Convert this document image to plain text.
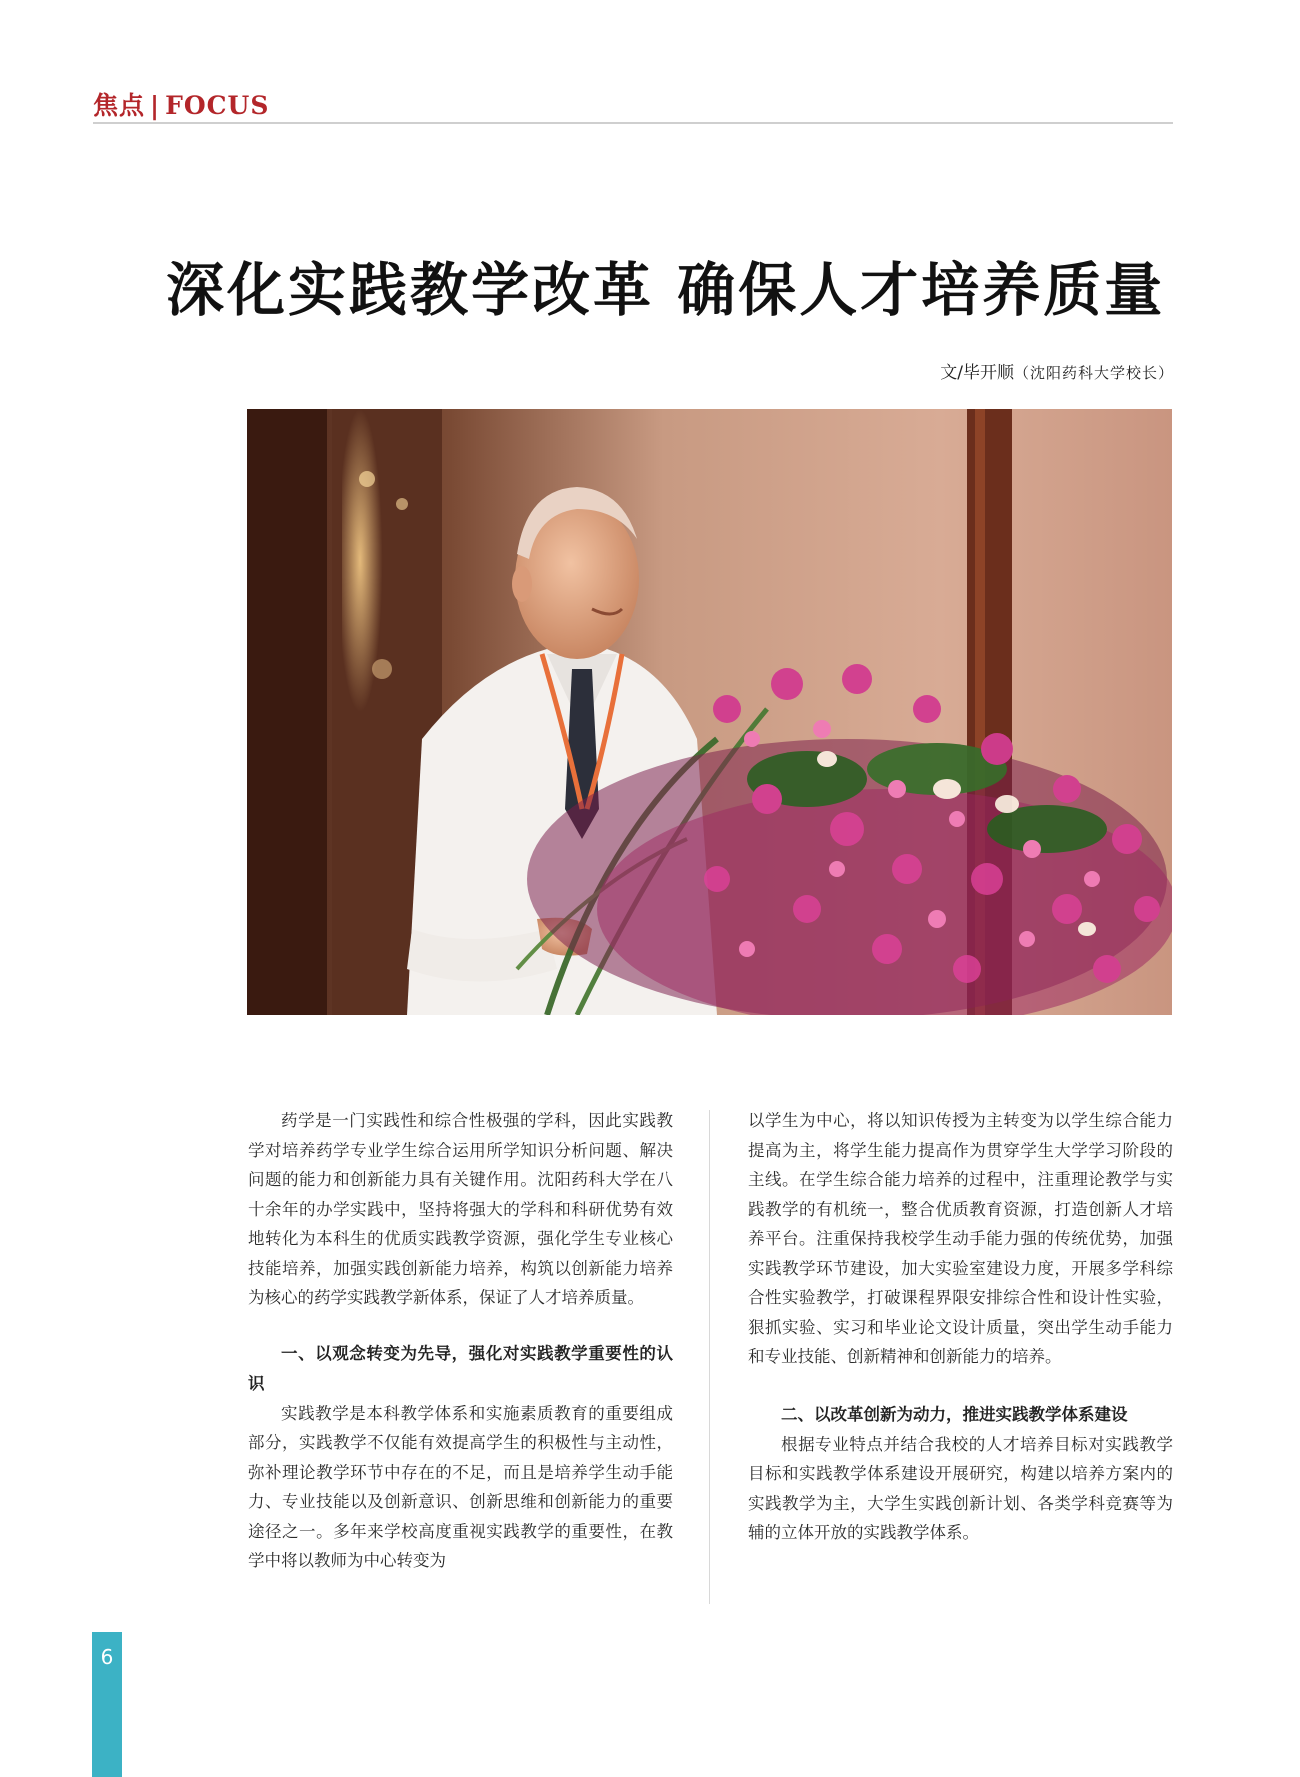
焦点 | FOCUS
深化实践教学改革 确保人才培养质量
文/毕开顺（沈阳药科大学校长）

药学是一门实践性和综合性极强的学科，因此实践教学对培养药学专业学生综合运用所学知识分析问题、解决问题的能力和创新能力具有关键作用。沈阳药科大学在八十余年的办学实践中，坚持将强大的学科和科研优势有效地转化为本科生的优质实践教学资源，强化学生专业核心技能培养，加强实践创新能力培养，构筑以创新能力培养为核心的药学实践教学新体系，保证了人才培养质量。

一、以观念转变为先导，强化对实践教学重要性的认识

实践教学是本科教学体系和实施素质教育的重要组成部分，实践教学不仅能有效提高学生的积极性与主动性，弥补理论教学环节中存在的不足，而且是培养学生动手能力、专业技能以及创新意识、创新思维和创新能力的重要途径之一。多年来学校高度重视实践教学的重要性，在教学中将以教师为中心转变为

以学生为中心，将以知识传授为主转变为以学生综合能力提高为主，将学生能力提高作为贯穿学生大学学习阶段的主线。在学生综合能力培养的过程中，注重理论教学与实践教学的有机统一，整合优质教育资源，打造创新人才培养平台。注重保持我校学生动手能力强的传统优势，加强实践教学环节建设，加大实验室建设力度，开展多学科综合性实验教学，打破课程界限安排综合性和设计性实验，狠抓实验、实习和毕业论文设计质量，突出学生动手能力和专业技能、创新精神和创新能力的培养。

二、以改革创新为动力，推进实践教学体系建设

根据专业特点并结合我校的人才培养目标对实践教学目标和实践教学体系建设开展研究，构建以培养方案内的实践教学为主，大学生实践创新计划、各类学科竞赛等为辅的立体开放的实践教学体系。

6
